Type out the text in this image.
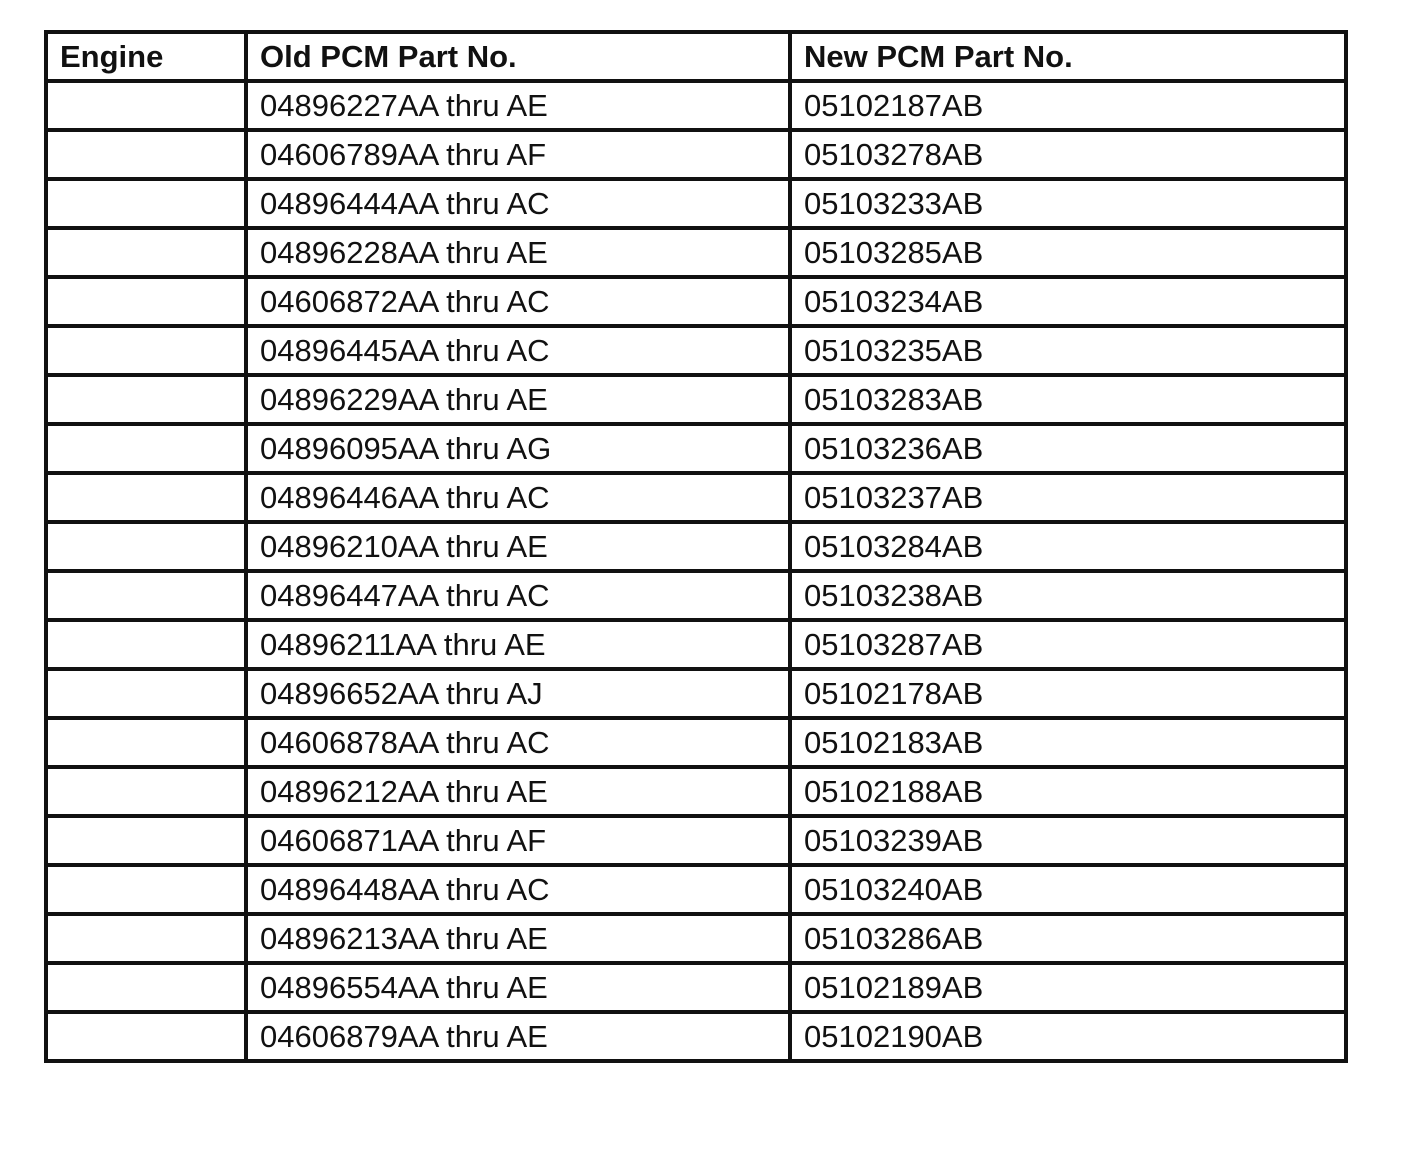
Engine	Old PCM Part No.	New PCM Part No.
	04896227AA thru AE	05102187AB
	04606789AA thru AF	05103278AB
	04896444AA thru AC	05103233AB
	04896228AA thru AE	05103285AB
	04606872AA thru AC	05103234AB
	04896445AA thru AC	05103235AB
	04896229AA thru AE	05103283AB
	04896095AA thru AG	05103236AB
	04896446AA thru AC	05103237AB
	04896210AA thru AE	05103284AB
	04896447AA thru AC	05103238AB
	04896211AA thru AE	05103287AB
	04896652AA thru AJ	05102178AB
	04606878AA thru AC	05102183AB
	04896212AA thru AE	05102188AB
	04606871AA thru AF	05103239AB
	04896448AA thru AC	05103240AB
	04896213AA thru AE	05103286AB
	04896554AA thru AE	05102189AB
	04606879AA thru AE	05102190AB
